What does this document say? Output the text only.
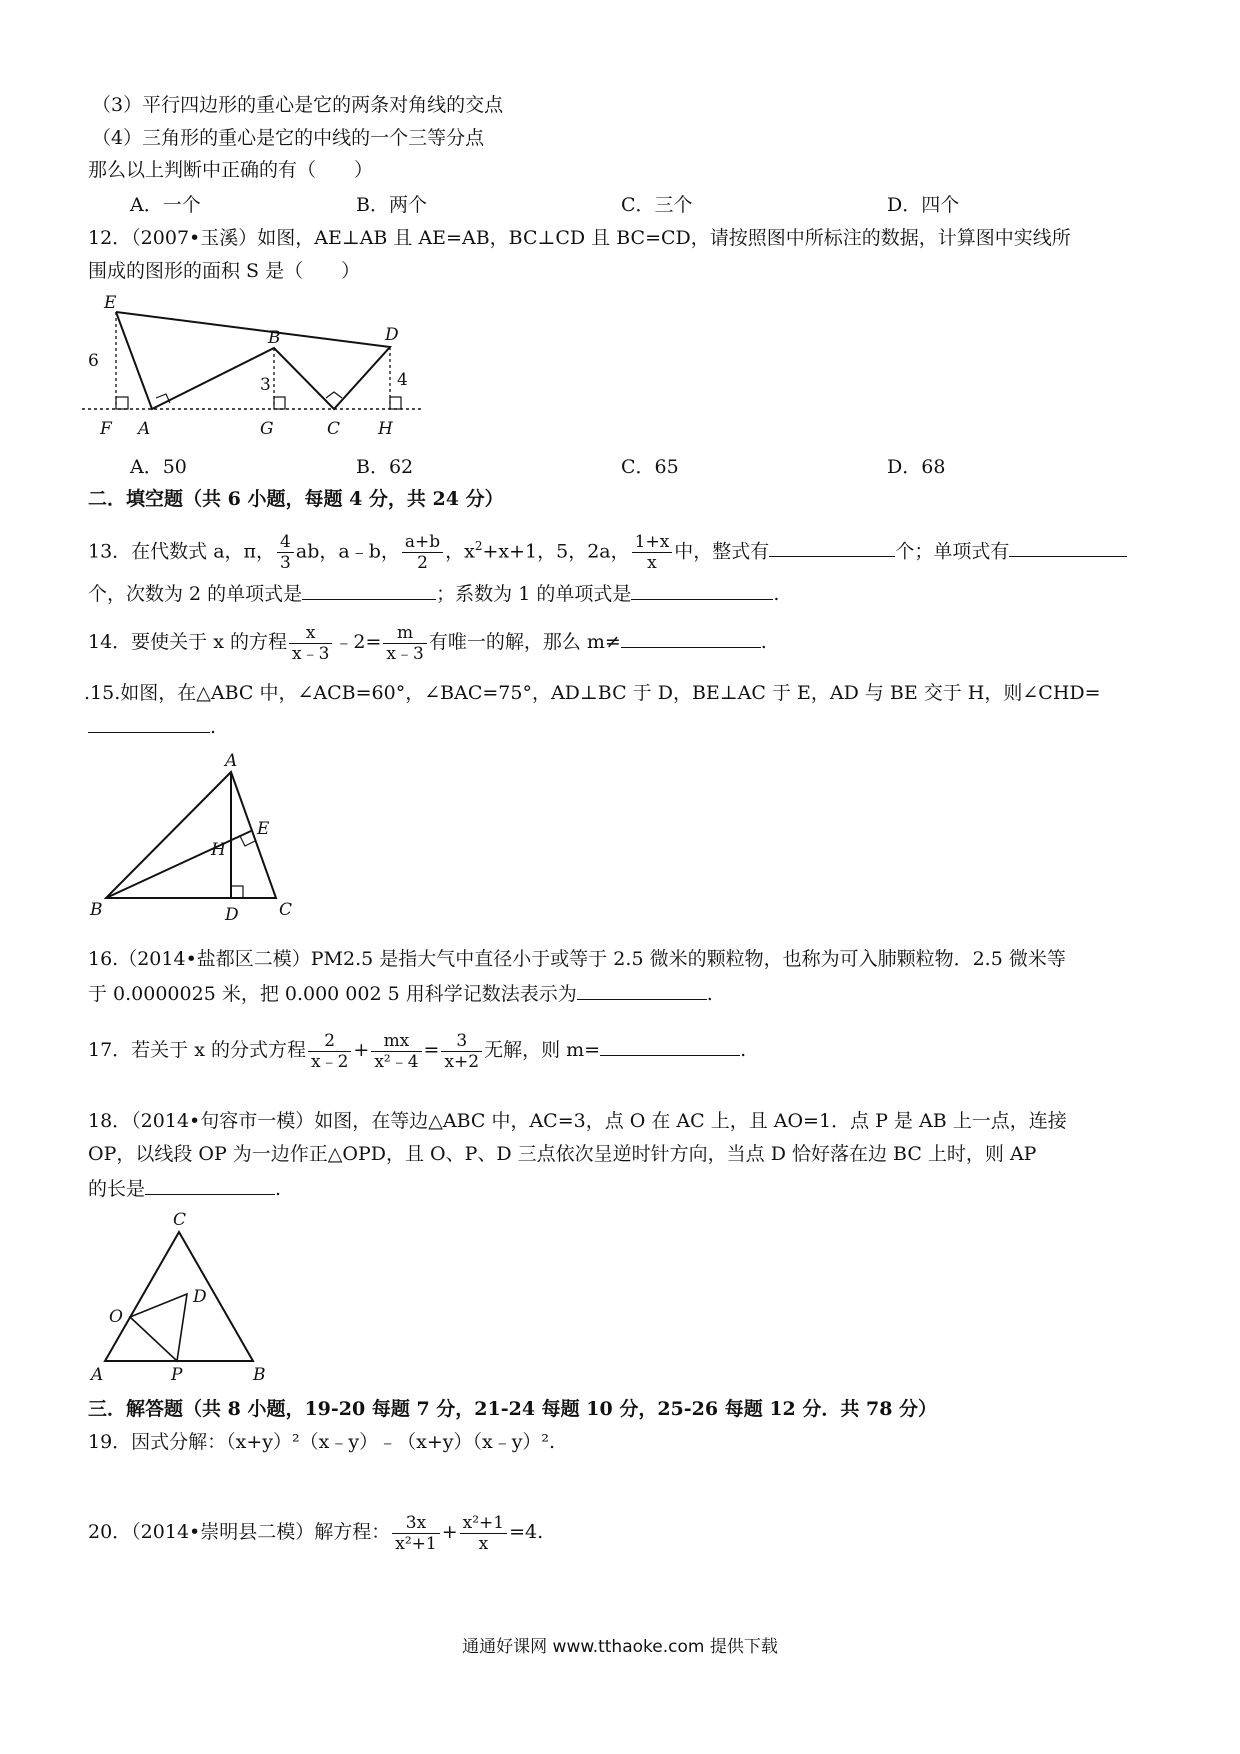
（3）平行四边形的重心是它的两条对角线的交点
（4）三角形的重心是它的中线的一个三等分点
那么以上判断中正确的有（　　）
A．一个	B．两个	C．三个	D．四个
12．（2007•玉溪）如图，AE⊥AB 且 AE=AB，BC⊥CD 且 BC=CD，请按照图中所标注的数据，计算图中实线所
围成的图形的面积 S 是（　　）
E
6
B	D
3	4
F A	G	C H
A．50	B．62	C．65	D．68
二．填空题（共 6 小题，每题 4 分，共 24 分）
13．在代数式 a，π， $\frac{4}{3}$ ab，a﹣b， $\frac{a+b}{2}$ ，$x^2+x+1$，5，2a， $\frac{1+x}{x}$ 中，整式有	个；单项式有
个，次数为 2 的单项式是	；系数为 1 的单项式是	.
14．要使关于 x 的方程 $\frac{x}{x﹣3}$ ﹣2= $\frac{m}{x﹣3}$ 有唯一的解，那么 m≠	.
.15.如图，在△ABC 中，∠ACB=60°，∠BAC=75°，AD⊥BC 于 D，BE⊥AC 于 E，AD 与 BE 交于 H，则∠CHD=
.
A
E
H
B	D C
16.（2014•盐都区二模）PM2.5 是指大气中直径小于或等于 2.5 微米的颗粒物，也称为可入肺颗粒物．2.5 微米等
于 0.0000025 米，把 0.000 002 5 用科学记数法表示为	.
17．若关于 x 的分式方程 $\frac{2}{x﹣2} + \frac{mx}{\text{x²﹣4}} = \frac{3}{x+2}$ 无解，则 m=	.
18．（2014•句容市一模）如图，在等边△ABC 中，AC=3，点 O 在 AC 上，且 AO=1．点 P 是 AB 上一点，连接
OP，以线段 OP 为一边作正△OPD，且 O、P、D 三点依次呈逆时针方向，当点 D 恰好落在边 BC 上时，则 AP
的长是	.
C
O
D
A	P	B
三．解答题（共 8 小题，19-20 每题 7 分，21-24 每题 10 分，25-26 每题 12 分．共 78 分）
19．因式分解：（x+y）²（x﹣y）﹣（x+y）（x﹣y）².
20．（2014•崇明县二模）解方程： $\frac{3x}{\text{x²+1}} + \frac{\text{x²+1}}{x} =4$.
通通好课网 www.tthaoke.com 提供下载
